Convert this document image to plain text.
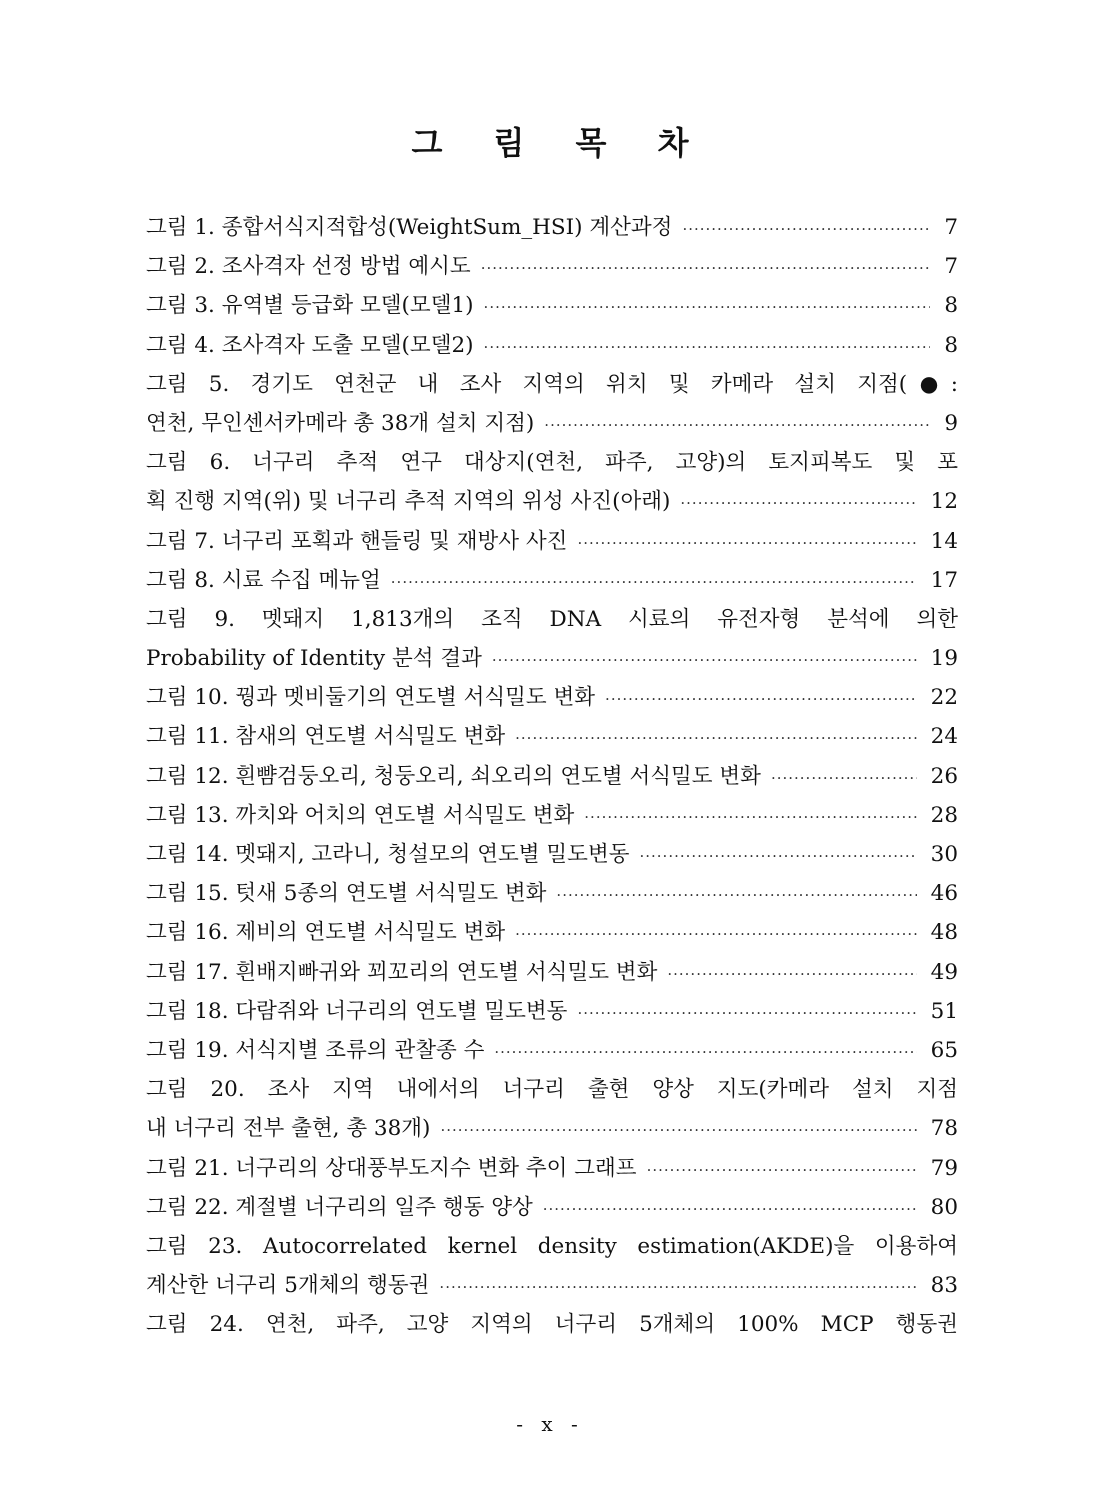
그 림 목 차
그림 1. 종합서식지적합성(WeightSum_HSI) 계산과정 ·····	7
그림 2. 조사격자 선정 방법 예시도 ·····	7
그림 3. 유역별 등급화 모델(모델1) ·····	8
그림 4. 조사격자 도출 모델(모델2) ·····	8
그림 5. 경기도 연천군 내 조사 지역의 위치 및 카메라 설치 지점(●:
연천, 무인센서카메라 총 38개 설치 지점) ·····	9
그림 6. 너구리 추적 연구 대상지(연천, 파주, 고양)의 토지피복도 및 포
획 진행 지역(위) 및 너구리 추적 지역의 위성 사진(아래) ·····	12
그림 7. 너구리 포획과 핸들링 및 재방사 사진 ·····	14
그림 8. 시료 수집 메뉴얼 ·····	17
그림 9. 멧돼지 1,813개의 조직 DNA 시료의 유전자형 분석에 의한
Probability of Identity 분석 결과 ·····	19
그림 10. 꿩과 멧비둘기의 연도별 서식밀도 변화 ·····	22
그림 11. 참새의 연도별 서식밀도 변화 ·····	24
그림 12. 흰뺨검둥오리, 청둥오리, 쇠오리의 연도별 서식밀도 변화 ·····	26
그림 13. 까치와 어치의 연도별 서식밀도 변화 ·····	28
그림 14. 멧돼지, 고라니, 청설모의 연도별 밀도변동 ·····	30
그림 15. 텃새 5종의 연도별 서식밀도 변화 ·····	46
그림 16. 제비의 연도별 서식밀도 변화 ·····	48
그림 17. 흰배지빠귀와 꾀꼬리의 연도별 서식밀도 변화 ·····	49
그림 18. 다람쥐와 너구리의 연도별 밀도변동 ·····	51
그림 19. 서식지별 조류의 관찰종 수 ·····	65
그림 20. 조사 지역 내에서의 너구리 출현 양상 지도(카메라 설치 지점
내 너구리 전부 출현, 총 38개) ·····	78
그림 21. 너구리의 상대풍부도지수 변화 추이 그래프 ·····	79
그림 22. 계절별 너구리의 일주 행동 양상 ·····	80
그림 23. Autocorrelated kernel density estimation(AKDE)을 이용하여
계산한 너구리 5개체의 행동권 ·····	83
그림 24. 연천, 파주, 고양 지역의 너구리 5개체의 100% MCP 행동권
- x -
